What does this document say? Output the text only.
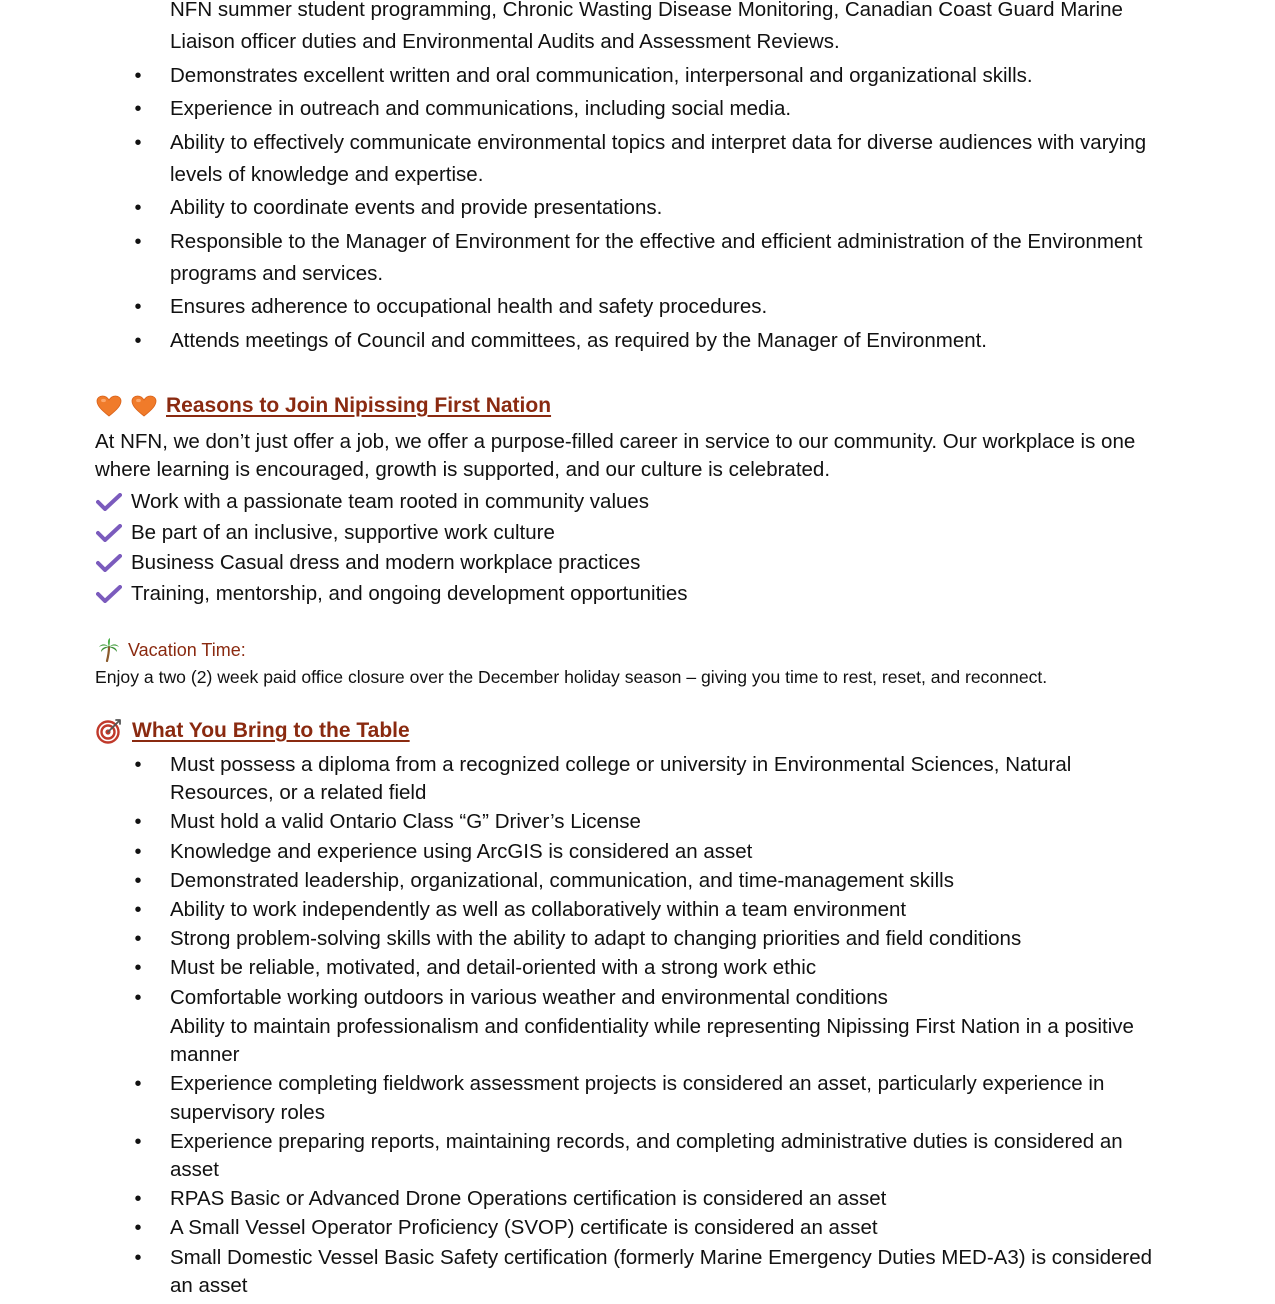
NFN summer student programming, Chronic Wasting Disease Monitoring, Canadian Coast Guard Marine Liaison officer duties and Environmental Audits and Assessment Reviews.
• Demonstrates excellent written and oral communication, interpersonal and organizational skills.
• Experience in outreach and communications, including social media.
• Ability to effectively communicate environmental topics and interpret data for diverse audiences with varying levels of knowledge and expertise.
• Ability to coordinate events and provide presentations.
• Responsible to the Manager of Environment for the effective and efficient administration of the Environment programs and services.
• Ensures adherence to occupational health and safety procedures.
• Attends meetings of Council and committees, as required by the Manager of Environment.
Reasons to Join Nipissing First Nation
At NFN, we don’t just offer a job, we offer a purpose-filled career in service to our community. Our workplace is one where learning is encouraged, growth is supported, and our culture is celebrated.
Work with a passionate team rooted in community values
Be part of an inclusive, supportive work culture
Business Casual dress and modern workplace practices
Training, mentorship, and ongoing development opportunities
Vacation Time:
Enjoy a two (2) week paid office closure over the December holiday season – giving you time to rest, reset, and reconnect.
What You Bring to the Table
• Must possess a diploma from a recognized college or university in Environmental Sciences, Natural Resources, or a related field
• Must hold a valid Ontario Class “G” Driver’s License
• Knowledge and experience using ArcGIS is considered an asset
• Demonstrated leadership, organizational, communication, and time-management skills
• Ability to work independently as well as collaboratively within a team environment
• Strong problem-solving skills with the ability to adapt to changing priorities and field conditions
• Must be reliable, motivated, and detail-oriented with a strong work ethic
• Comfortable working outdoors in various weather and environmental conditions
Ability to maintain professionalism and confidentiality while representing Nipissing First Nation in a positive manner
• Experience completing fieldwork assessment projects is considered an asset, particularly experience in supervisory roles
• Experience preparing reports, maintaining records, and completing administrative duties is considered an asset
• RPAS Basic or Advanced Drone Operations certification is considered an asset
• A Small Vessel Operator Proficiency (SVOP) certificate is considered an asset
• Small Domestic Vessel Basic Safety certification (formerly Marine Emergency Duties MED-A3) is considered an asset
